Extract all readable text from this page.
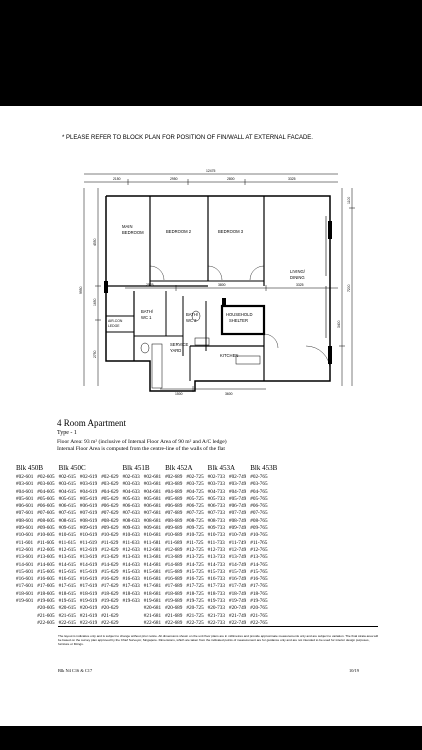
* PLEASE REFER TO BLOCK PLAN FOR POSITION OF FIN/WALL AT EXTERNAL FACADE.
MAIN
BEDROOM	BEDROOM 2	BEDROOM 3
LIVING/
DINING
AIR-CON
LEDGE
BATH/
WC 1
BATH/
WC 2
HOUSEHOLD
SHELTER
SERVICE
YARD
KITCHEN
12475
2150	2950	2800	3325
2525	3800	3325
1500	3600
4550
1650
2750
9950
1100
7200
3400
4 Room Apartment
Type - 1
Floor Area: 93 m² (inclusive of Internal Floor Area of 90 m² and A/C ledge)
Internal Floor Area is computed from the centre-line of the walls of the flat
Blk 450B		Blk 450C			Blk 451B		Blk 452A		Blk 453A		Blk 453B
#02-601	#02-605	#02-615	#02-619	#02-629	#02-633	#02-681	#02-689	#02-725	#02-733	#02-749	#02-765
#03-601	#03-605	#03-615	#03-619	#03-629	#03-633	#03-681	#03-689	#03-725	#03-733	#03-749	#03-765
#04-601	#04-605	#04-615	#04-619	#04-629	#04-633	#04-681	#04-689	#04-725	#04-733	#04-749	#04-765
#05-601	#05-605	#05-615	#05-619	#05-629	#05-633	#05-681	#05-689	#05-725	#05-733	#05-749	#05-765
#06-601	#06-605	#06-615	#06-619	#06-629	#06-633	#06-681	#06-689	#06-725	#06-733	#06-749	#06-765
#07-601	#07-605	#07-615	#07-619	#07-629	#07-633	#07-681	#07-689	#07-725	#07-733	#07-749	#07-765
#08-601	#08-605	#08-615	#08-619	#08-629	#08-633	#08-681	#08-689	#08-725	#08-733	#08-749	#08-765
#09-601	#09-605	#09-615	#09-619	#09-629	#09-633	#09-681	#09-689	#09-725	#09-733	#09-749	#09-765
#10-601	#10-605	#10-615	#10-619	#10-629	#10-633	#10-681	#10-689	#10-725	#10-733	#10-749	#10-765
#11-601	#11-605	#11-615	#11-619	#11-629	#11-633	#11-681	#11-689	#11-725	#11-733	#11-749	#11-765
#12-601	#12-605	#12-615	#12-619	#12-629	#12-633	#12-681	#12-689	#12-725	#12-733	#12-749	#12-765
#13-601	#13-605	#13-615	#13-619	#13-629	#13-633	#13-681	#13-689	#13-725	#13-733	#13-749	#13-765
#14-601	#14-605	#14-615	#14-619	#14-629	#14-633	#14-681	#14-689	#14-725	#14-733	#14-749	#14-765
#15-601	#15-605	#15-615	#15-619	#15-629	#15-633	#15-681	#15-689	#15-725	#15-733	#15-749	#15-765
#16-601	#16-605	#16-615	#16-619	#16-629	#16-633	#16-681	#16-689	#16-725	#16-733	#16-749	#16-765
#17-601	#17-605	#17-615	#17-619	#17-629	#17-633	#17-681	#17-689	#17-725	#17-733	#17-749	#17-765
#18-601	#18-605	#18-615	#18-619	#18-629	#18-633	#18-681	#18-689	#18-725	#18-733	#18-749	#18-765
#19-601	#19-605	#19-615	#19-619	#19-629	#19-633	#19-681	#19-689	#19-725	#19-733	#19-749	#19-765
	#20-605	#20-615	#20-619	#20-629		#20-681	#20-689	#20-725	#20-733	#20-749	#20-765
	#21-605	#21-615	#21-619	#21-629		#21-681	#21-689	#21-725	#21-733	#21-749	#21-765
	#22-605	#22-615	#22-619	#22-629		#22-681	#22-689	#22-725	#22-733	#22-749	#22-765
The layout is indicative only and is subject to change without prior notice. All dimensions shown on the unit floor plans are in millimetres and provide approximate measurements only and are subject to variation. The final strata area will be based on the survey plan approved by the Chief Surveyor, Singapore. Dimensions, which are taken from the indicated points of measurement are for guidance only and are not intended to be used for interior design purposes, furniture or fittings.
Blk N4 C16 & C17	10/19
